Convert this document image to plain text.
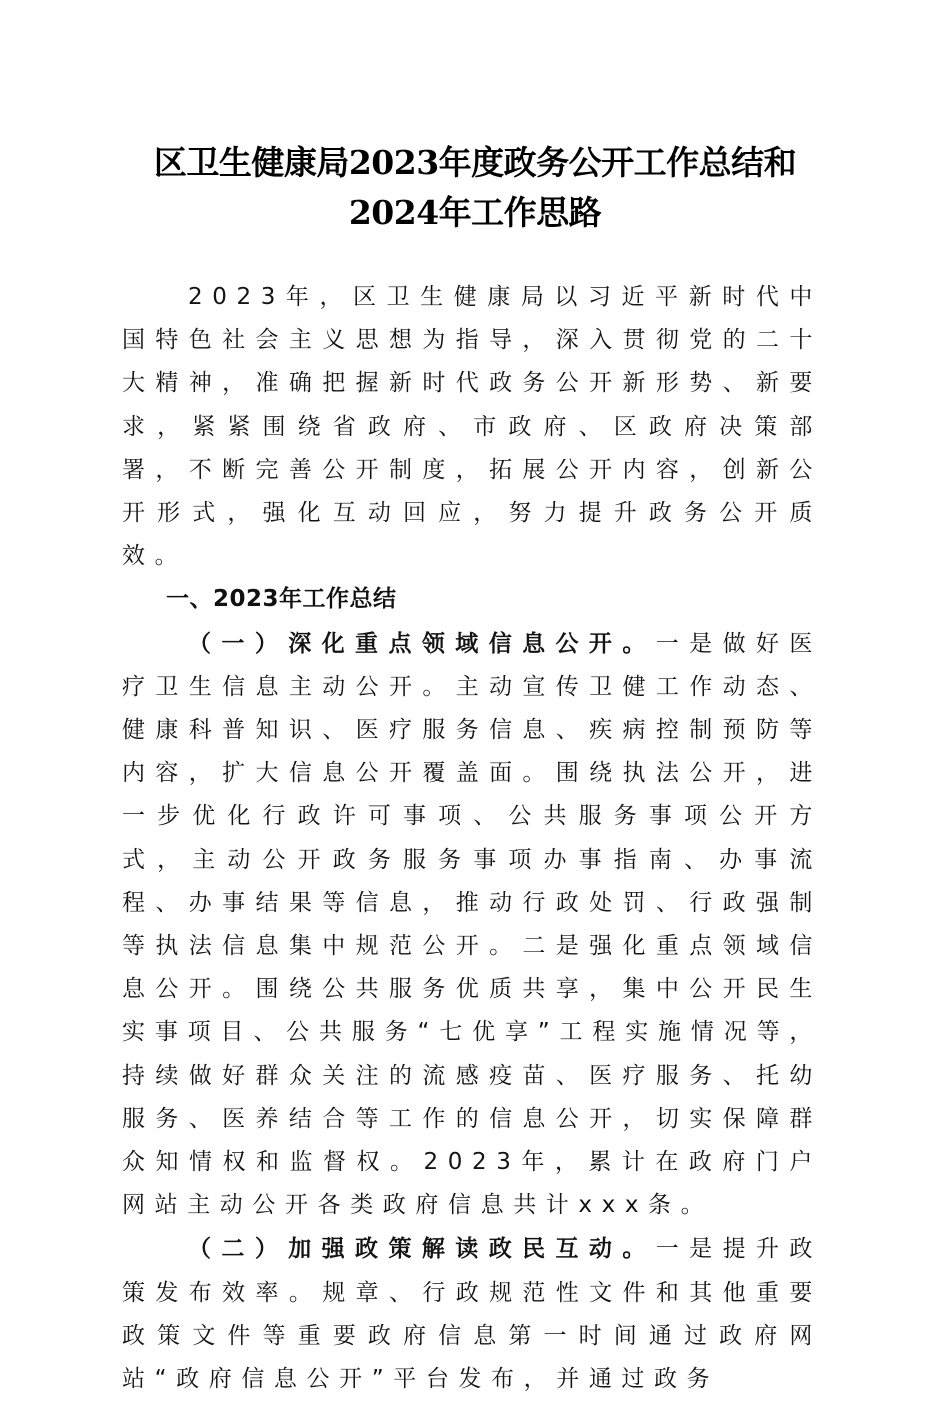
区卫生健康局2023年度政务公开工作总结和
2024年工作思路

2023年，区卫生健康局以习近平新时代中国特色社会主义思想为指导，深入贯彻党的二十大精神，准确把握新时代政务公开新形势、新要求，紧紧围绕省政府、市政府、区政府决策部署，不断完善公开制度，拓展公开内容，创新公开形式，强化互动回应，努力提升政务公开质效。

一、2023年工作总结

（一）深化重点领域信息公开。一是做好医疗卫生信息主动公开。主动宣传卫健工作动态、健康科普知识、医疗服务信息、疾病控制预防等内容，扩大信息公开覆盖面。围绕执法公开，进一步优化行政许可事项、公共服务事项公开方式，主动公开政务服务事项办事指南、办事流程、办事结果等信息，推动行政处罚、行政强制等执法信息集中规范公开。二是强化重点领域信息公开。围绕公共服务优质共享，集中公开民生实事项目、公共服务“七优享”工程实施情况等，持续做好群众关注的流感疫苗、医疗服务、托幼服务、医养结合等工作的信息公开，切实保障群众知情权和监督权。2023年，累计在政府门户网站主动公开各类政府信息共计xxx条。

（二）加强政策解读政民互动。一是提升政策发布效率。规章、行政规范性文件和其他重要政策文件等重要政府信息第一时间通过政府网站“政府信息公开”平台发布，并通过政务
